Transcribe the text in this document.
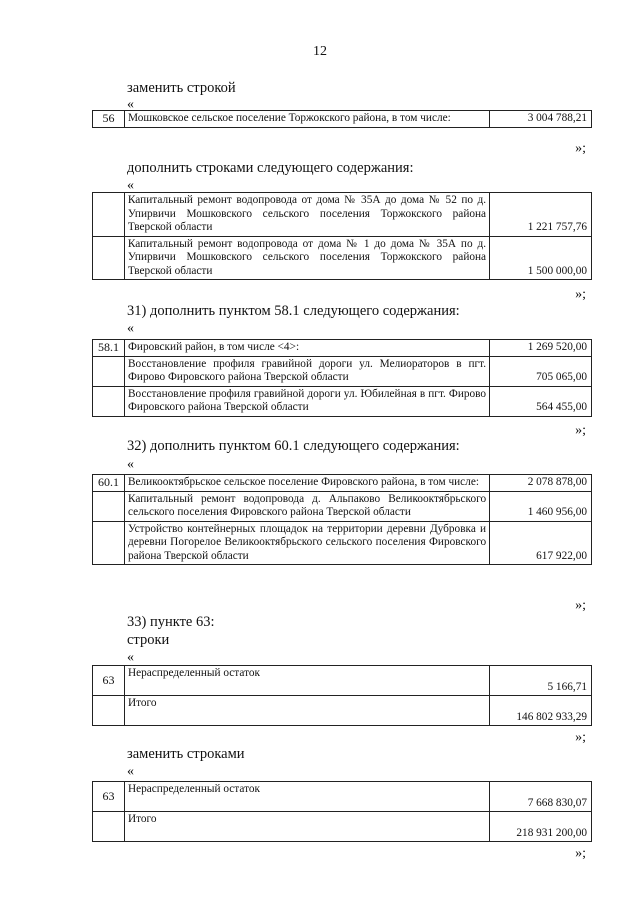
12
заменить строкой
«
56	Мошковское сельское поселение Торжокского района, в том числе:	3 004 788,21
»;
дополнить строками следующего содержания:
«
	Капитальный ремонт водопровода от дома № 35А до дома № 52 по д. Упирвичи Мошковского сельского поселения Торжокского района Тверской области	1 221 757,76
	Капитальный ремонт водопровода от дома № 1 до дома № 35А по д. Упирвичи Мошковского сельского поселения Торжокского района Тверской области	1 500 000,00
»;
31) дополнить пунктом 58.1 следующего содержания:
«
58.1	Фировский район, в том числе <4>:	1 269 520,00
	Восстановление профиля гравийной дороги ул. Мелиораторов в пгт. Фирово Фировского района Тверской области	705 065,00
	Восстановление профиля гравийной дороги ул. Юбилейная в пгт. Фирово Фировского района Тверской области	564 455,00
»;
32) дополнить пунктом 60.1 следующего содержания:
«
60.1	Великооктябрьское сельское поселение Фировского района, в том числе:	2 078 878,00
	Капитальный ремонт водопровода д. Альпаково Великооктябрьского сельского поселения Фировского района Тверской области	1 460 956,00
	Устройство контейнерных площадок на территории деревни Дубровка и деревни Погорелое Великооктябрьского сельского поселения Фировского района Тверской области	617 922,00
»;
33) пункте 63:
строки
«
63	Нераспределенный остаток	5 166,71
	Итого	146 802 933,29
»;
заменить строками
«
63	Нераспределенный остаток	7 668 830,07
	Итого	218 931 200,00
»;
